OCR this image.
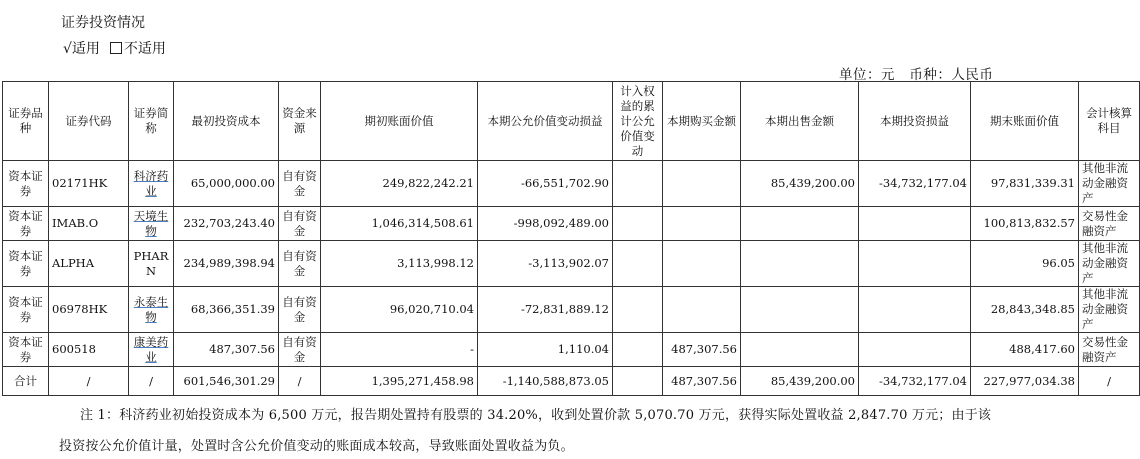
证券投资情况
√适用 不适用
单位：元   币种：人民币
证券品种	证券代码	证券简称	最初投资成本	资金来源	期初账面价值	本期公允价值变动损益	计入权益的累计公允价值变动	本期购买金额	本期出售金额	本期投资损益	期末账面价值	会计核算科目
资本证券	02171HK	科济药业	65,000,000.00	自有资金	249,822,242.21	-66,551,702.90			85,439,200.00	-34,732,177.04	97,831,339.31	其他非流动金融资产
资本证券	IMAB.O	天境生物	232,703,243.40	自有资金	1,046,314,508.61	-998,092,489.00					100,813,832.57	交易性金融资产
资本证券	ALPHA	PHARN	234,989,398.94	自有资金	3,113,998.12	-3,113,902.07					96.05	其他非流动金融资产
资本证券	06978HK	永泰生物	68,366,351.39	自有资金	96,020,710.04	-72,831,889.12					28,843,348.85	其他非流动金融资产
资本证券	600518	康美药业	487,307.56	自有资金	-	1,110.04		487,307.56			488,417.60	交易性金融资产
合计	/	/	601,546,301.29	/	1,395,271,458.98	-1,140,588,873.05		487,307.56	85,439,200.00	-34,732,177.04	227,977,034.38	/
注 1：科济药业初始投资成本为 6,500 万元，报告期处置持有股票的 34.20%，收到处置价款 5,070.70 万元，获得实际处置收益 2,847.70 万元；由于该
投资按公允价值计量，处置时含公允价值变动的账面成本较高，导致账面处置收益为负。
